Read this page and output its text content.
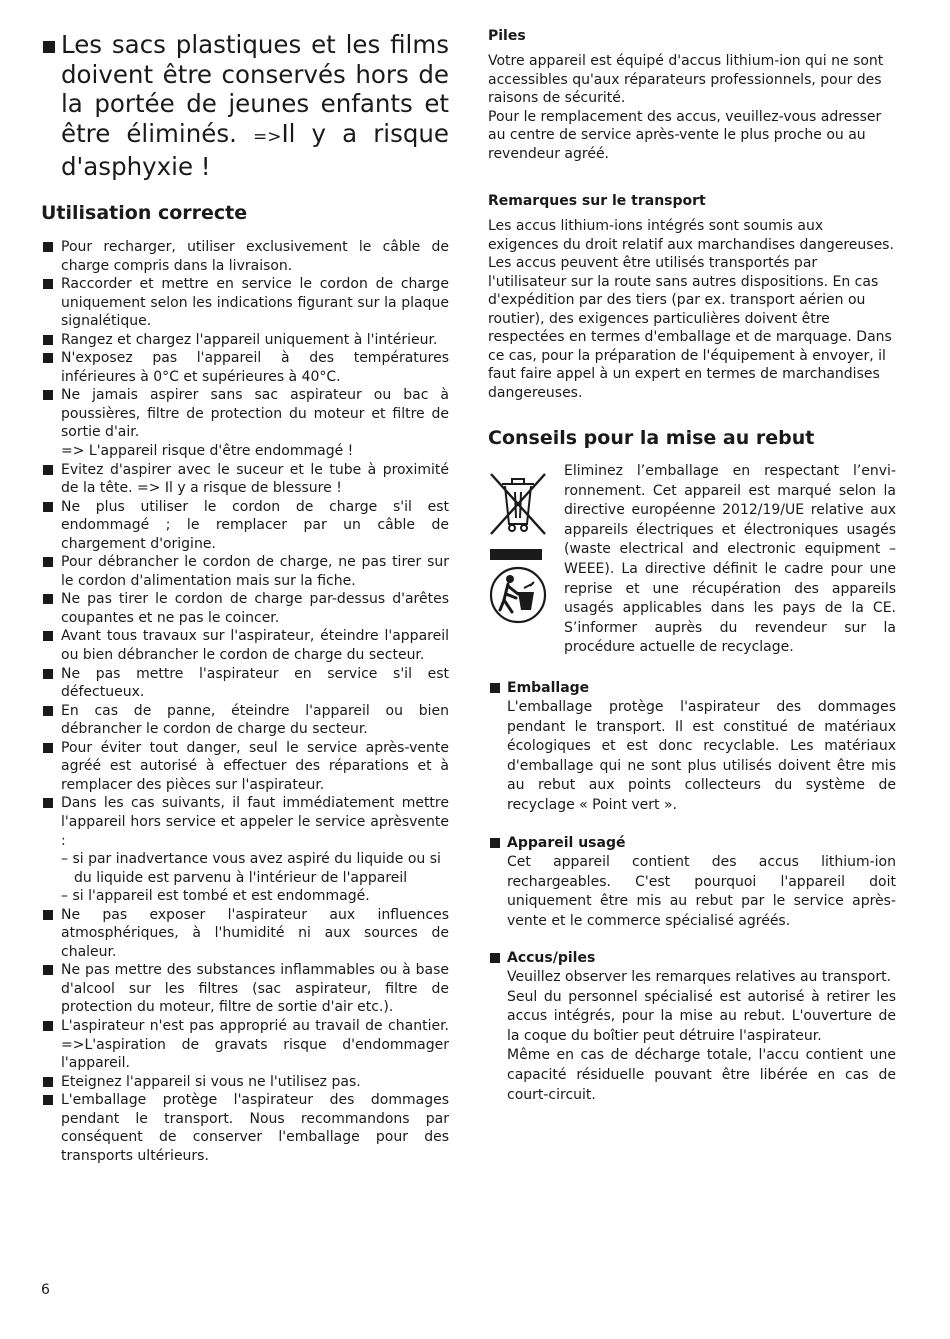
Les sacs plastiques et les films doivent être conservés hors de la portée de jeunes enfants et être éliminés. =>Il y a risque d'asphyxie !
Utilisation correcte
Pour recharger, utiliser exclusivement le câble de charge compris dans la livraison.
Raccorder et mettre en service le cordon de charge uniquement selon les indications figurant sur la plaque signalétique.
Rangez et chargez l'appareil uniquement à l'intérieur.
N'exposez pas l'appareil à des températures inférieures à 0°C et supérieures à 40°C.
Ne jamais aspirer sans sac aspirateur ou bac à poussières, filtre de protection du moteur et filtre de sortie d'air.
=> L'appareil risque d'être endommagé !
Evitez d'aspirer avec le suceur et le tube à proximité de la tête. => Il y a risque de blessure !
Ne plus utiliser le cordon de charge s'il est endommagé ; le remplacer par un câble de chargement d'origine.
Pour débrancher le cordon de charge, ne pas tirer sur le cordon d'alimentation mais sur la fiche.
Ne pas tirer le cordon de charge par-dessus d'arêtes coupantes et ne pas le coincer.
Avant tous travaux sur l'aspirateur, éteindre l'appareil ou bien débrancher le cordon de charge du secteur.
Ne pas mettre l'aspirateur en service s'il est défectueux.
En cas de panne, éteindre l'appareil ou bien débrancher le cordon de charge du secteur.
Pour éviter tout danger, seul le service après-vente agréé est autorisé à effectuer des réparations et à remplacer des pièces sur l'aspirateur.
Dans les cas suivants, il faut immédiatement mettre l'appareil hors service et appeler le service aprèsvente :
– si par inadvertance vous avez aspiré du liquide ou si du liquide est parvenu à l'intérieur de l'appareil
– si l'appareil est tombé et est endommagé.
Ne pas exposer l'aspirateur aux influences atmosphériques, à l'humidité ni aux sources de chaleur.
Ne pas mettre des substances inflammables ou à base d'alcool sur les filtres (sac aspirateur, filtre de protection du moteur, filtre de sortie d'air etc.).
L'aspirateur n'est pas approprié au travail de chantier. =>L'aspiration de gravats risque d'endommager l'appareil.
Eteignez l'appareil si vous ne l'utilisez pas.
L'emballage protège l'aspirateur des dommages pendant le transport. Nous recommandons par conséquent de conserver l'emballage pour des transports ultérieurs.
Piles
Votre appareil est équipé d'accus lithium-ion qui ne sont accessibles qu'aux réparateurs professionnels, pour des raisons de sécurité.
Pour le remplacement des accus, veuillez-vous adresser au centre de service après-vente le plus proche ou au revendeur agréé.
Remarques sur le transport
Les accus lithium-ions intégrés sont soumis aux exigences du droit relatif aux marchandises dangereuses. Les accus peuvent être utilisés transportés par l'utilisateur sur la route sans autres dispositions. En cas d'expédition par des tiers (par ex. transport aérien ou routier), des exigences particulières doivent être respectées en termes d'emballage et de marquage. Dans ce cas, pour la préparation de l'équipement à envoyer, il faut faire appel à un expert en termes de marchandises dangereuses.
Conseils pour la mise au rebut
Eliminez l’emballage en respectant l’envi-ronnement. Cet appareil est marqué selon la directive européenne 2012/19/UE relative aux appareils électriques et électroniques usagés (waste electrical and electronic equipment – WEEE). La directive définit le cadre pour une reprise et une récupération des appareils usagés applicables dans les pays de la CE. S’informer auprès du revendeur sur la procédure actuelle de recyclage.
Emballage
L'emballage protège l'aspirateur des dommages pendant le transport. Il est constitué de matériaux écologiques et est donc recyclable. Les matériaux d'emballage qui ne sont plus utilisés doivent être mis au rebut aux points collecteurs du système de recyclage « Point vert ».
Appareil usagé
Cet appareil contient des accus lithium-ion rechargeables. C'est pourquoi l'appareil doit uniquement être mis au rebut par le service après-vente et le commerce spécialisé agréés.
Accus/piles
Veuillez observer les remarques relatives au transport.
Seul du personnel spécialisé est autorisé à retirer les accus intégrés, pour la mise au rebut. L'ouverture de la coque du boîtier peut détruire l'aspirateur.
Même en cas de décharge totale, l'accu contient une capacité résiduelle pouvant être libérée en cas de court-circuit.
6
